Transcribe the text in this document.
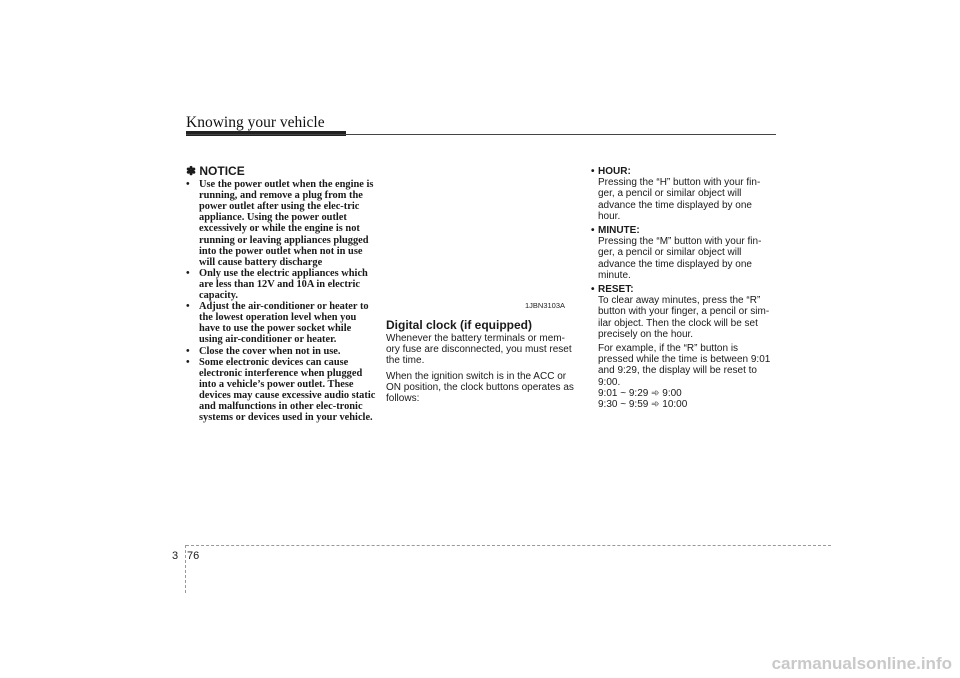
Knowing your vehicle
✽ NOTICE
• Use the power outlet when the engine is running, and remove a plug from the power outlet after using the elec-tric appliance. Using the power outlet excessively or while the engine is not running or leaving appliances plugged into the power outlet when not in use will cause battery discharge
• Only use the electric appliances which are less than 12V and 10A in electric capacity.
• Adjust the air-conditioner or heater to the lowest operation level when you have to use the power socket while using air-conditioner or heater.
• Close the cover when not in use.
• Some electronic devices can cause electronic interference when plugged into a vehicle’s power outlet. These devices may cause excessive audio static and malfunctions in other elec-tronic systems or devices used in your vehicle.
1JBN3103A
Digital clock (if equipped)

Whenever the battery terminals or mem-ory fuse are disconnected, you must reset the time.

When the ignition switch is in the ACC or ON position, the clock buttons operates as follows:

• HOUR:
Pressing the “H” button with your fin-ger, a pencil or similar object will advance the time displayed by one hour.
• MINUTE:
Pressing the “M” button with your fin-ger, a pencil or similar object will advance the time displayed by one minute.
• RESET:
To clear away minutes, press the “R” button with your finger, a pencil or sim-ilar object. Then the clock will be set precisely on the hour.
For example, if the “R” button is pressed while the time is between 9:01 and 9:29, the display will be reset to 9:00.
9:01 ~ 9:29 ➾ 9:00
9:30 ~ 9:59 ➾ 10:00
3 76
carmanualsonline.info
